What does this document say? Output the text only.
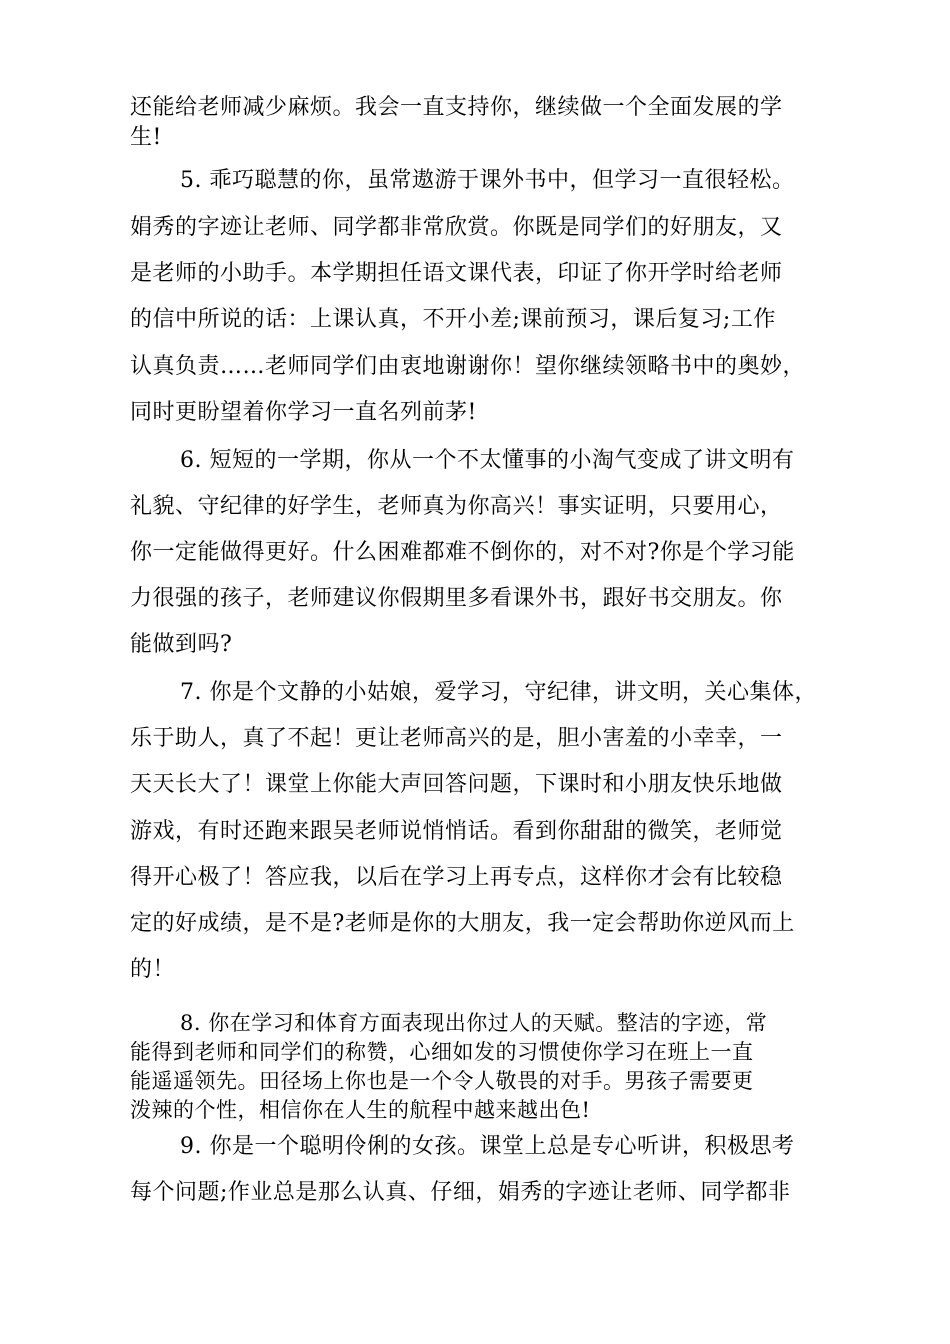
还能给老师减少麻烦。我会一直支持你，继续做一个全面发展的学
生!
5. 乖巧聪慧的你，虽常遨游于课外书中，但学习一直很轻松。
娟秀的字迹让老师、同学都非常欣赏。你既是同学们的好朋友，又
是老师的小助手。本学期担任语文课代表，印证了你开学时给老师
的信中所说的话：上课认真，不开小差;课前预习，课后复习;工作
认真负责……老师同学们由衷地谢谢你！望你继续领略书中的奥妙，
同时更盼望着你学习一直名列前茅!
6. 短短的一学期，你从一个不太懂事的小淘气变成了讲文明有
礼貌、守纪律的好学生，老师真为你高兴！事实证明，只要用心，
你一定能做得更好。什么困难都难不倒你的，对不对?你是个学习能
力很强的孩子，老师建议你假期里多看课外书，跟好书交朋友。你
能做到吗?
7. 你是个文静的小姑娘，爱学习，守纪律，讲文明，关心集体，
乐于助人，真了不起！更让老师高兴的是，胆小害羞的小幸幸，一
天天长大了！课堂上你能大声回答问题，下课时和小朋友快乐地做
游戏，有时还跑来跟吴老师说悄悄话。看到你甜甜的微笑，老师觉
得开心极了！答应我，以后在学习上再专点，这样你才会有比较稳
定的好成绩，是不是?老师是你的大朋友，我一定会帮助你逆风而上
的！
8. 你在学习和体育方面表现出你过人的天赋。整洁的字迹，常
能得到老师和同学们的称赞，心细如发的习惯使你学习在班上一直
能遥遥领先。田径场上你也是一个令人敬畏的对手。男孩子需要更
泼辣的个性，相信你在人生的航程中越来越出色!
9. 你是一个聪明伶俐的女孩。课堂上总是专心听讲，积极思考
每个问题;作业总是那么认真、仔细，娟秀的字迹让老师、同学都非
